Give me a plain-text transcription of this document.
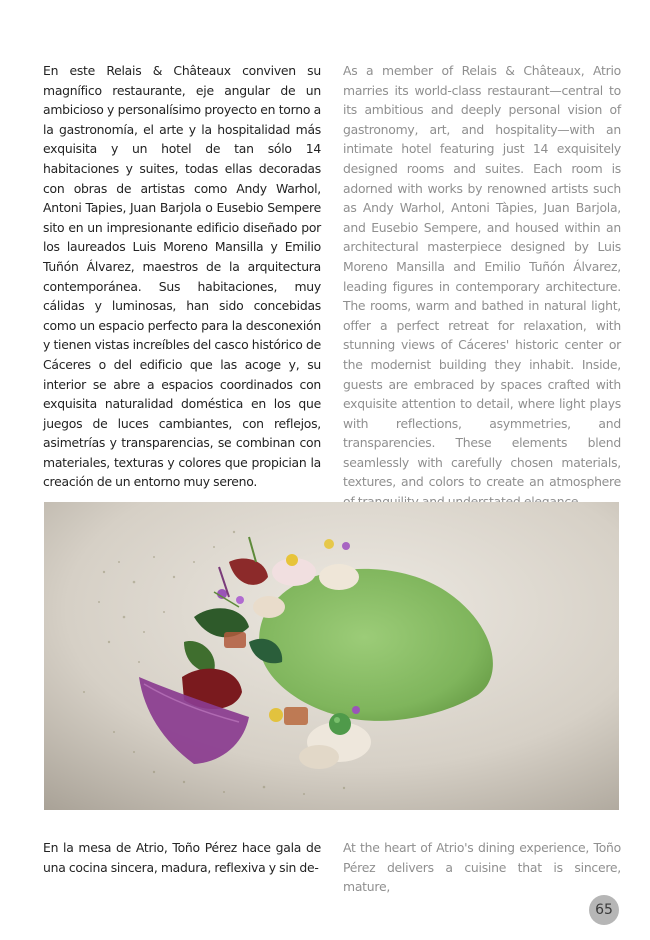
En este Relais & Châteaux conviven su magnífico restaurante, eje angular de un ambicioso y personalísimo proyecto en torno a la gastronomía, el arte y la hospitalidad más exquisita y un hotel de tan sólo 14 habitaciones y suites, todas ellas decoradas con obras de artistas como Andy Warhol, Antoni Tapies, Juan Barjola o Eusebio Sempere sito en un impresionante edificio diseñado por los laureados Luis Moreno Mansilla y Emilio Tuñón Álvarez, maestros de la arquitectura contemporánea. Sus habitaciones, muy cálidas y luminosas, han sido concebidas como un espacio perfecto para la desconexión y tienen vistas increíbles del casco histórico de Cáceres o del edificio que las acoge y, su interior se abre a espacios coordinados con exquisita naturalidad doméstica en los que juegos de luces cambiantes, con reflejos, asimetrías y transparencias, se combinan con materiales, texturas y colores que propician la creación de un entorno muy sereno.

As a member of Relais & Châteaux, Atrio marries its world-class restaurant—central to its ambitious and deeply personal vision of gastronomy, art, and hospitality—with an intimate hotel featuring just 14 exquisitely designed rooms and suites. Each room is adorned with works by renowned artists such as Andy Warhol, Antoni Tàpies, Juan Barjola, and Eusebio Sempere, and housed within an architectural masterpiece designed by Luis Moreno Mansilla and Emilio Tuñón Álvarez, leading figures in contemporary architecture. The rooms, warm and bathed in natural light, offer a perfect retreat for relaxation, with stunning views of Cáceres' historic center or the modernist building they inhabit. Inside, guests are embraced by spaces crafted with exquisite attention to detail, where light plays with reflections, asymmetries, and transparencies. These elements blend seamlessly with carefully chosen materials, textures, and colors to create an atmosphere

En la mesa de Atrio, Toño Pérez hace gala de una cocina sincera, madura, reflexiva y sin de-

At the heart of Atrio's dining experience, Toño Pérez delivers a cuisine that is sincere, mature,

65
